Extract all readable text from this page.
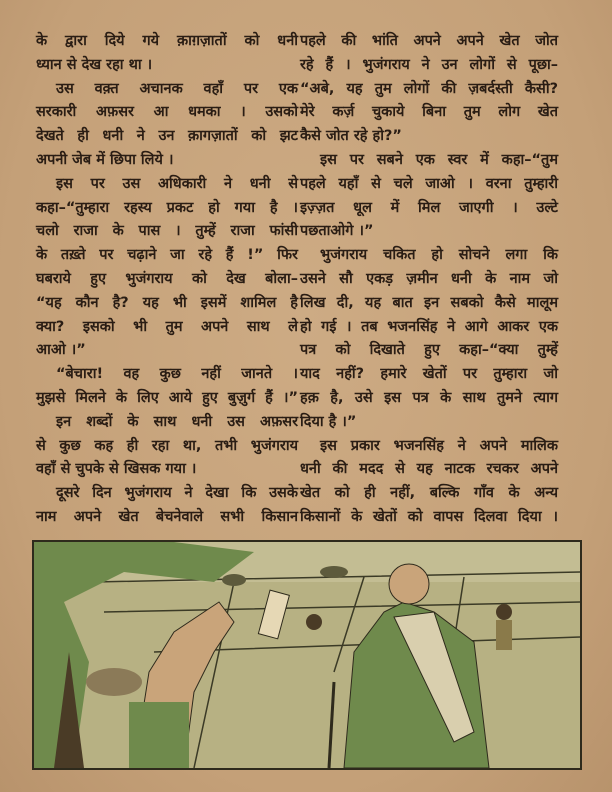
के द्वारा दिये गये क़ाग़ज़ातों को धनी
ध्यान से देख रहा था ।
उस वक़्त अचानक वहाँ पर एक
सरकारी अफ़सर आ धमका । उसको
देखते ही धनी ने उन क़ागज़ातों को झट
अपनी जेब में छिपा लिये ।
इस पर उस अधिकारी ने धनी से
कहा–“तुम्हारा रहस्य प्रकट हो गया है ।
चलो राजा के पास । तुम्हें राजा फांसी
के तख़्ते पर चढ़ाने जा रहे हैं !” फिर
घबराये हुए भुजंगराय को देख बोला–
“यह कौन है? यह भी इसमें शामिल है
क्या? इसको भी तुम अपने साथ ले
आओ ।”
“बेचारा! वह कुछ नहीं जानते ।
मुझसे मिलने के लिए आये हुए बुज़ुर्ग हैं ।”
इन शब्दों के साथ धनी उस अफ़सर
से कुछ कह ही रहा था, तभी भुजंगराय
वहाँ से चुपके से खिसक गया ।
दूसरे दिन भुजंगराय ने देखा कि उसके
नाम अपने खेत बेचनेवाले सभी किसान
पहले की भांति अपने अपने खेत जोत
रहे हैं । भुजंगराय ने उन लोगों से पूछा–
“अबे, यह तुम लोगों की ज़बर्दस्ती कैसी?
मेरे कर्ज़ चुकाये बिना तुम लोग खेत
कैसे जोत रहे हो?”
इस पर सबने एक स्वर में कहा–“तुम
पहले यहाँ से चले जाओ । वरना तुम्हारी
इज़्ज़त धूल में मिल जाएगी । उल्टे
पछताओगे ।”
भुजंगराय चकित हो सोचने लगा कि
उसने सौ एकड़ ज़मीन धनी के नाम जो
लिख दी, यह बात इन सबको कैसे मालूम
हो गई । तब भजनसिंह ने आगे आकर एक
पत्र को दिखाते हुए कहा–“क्या तुम्हें
याद नहीं? हमारे खेतों पर तुम्हारा जो
हक़ है, उसे इस पत्र के साथ तुमने त्याग
दिया है ।”
इस प्रकार भजनसिंह ने अपने मालिक
धनी की मदद से यह नाटक रचकर अपने
खेत को ही नहीं, बल्कि गाँव के अन्य
किसानों के खेतों को वापस दिलवा दिया ।
